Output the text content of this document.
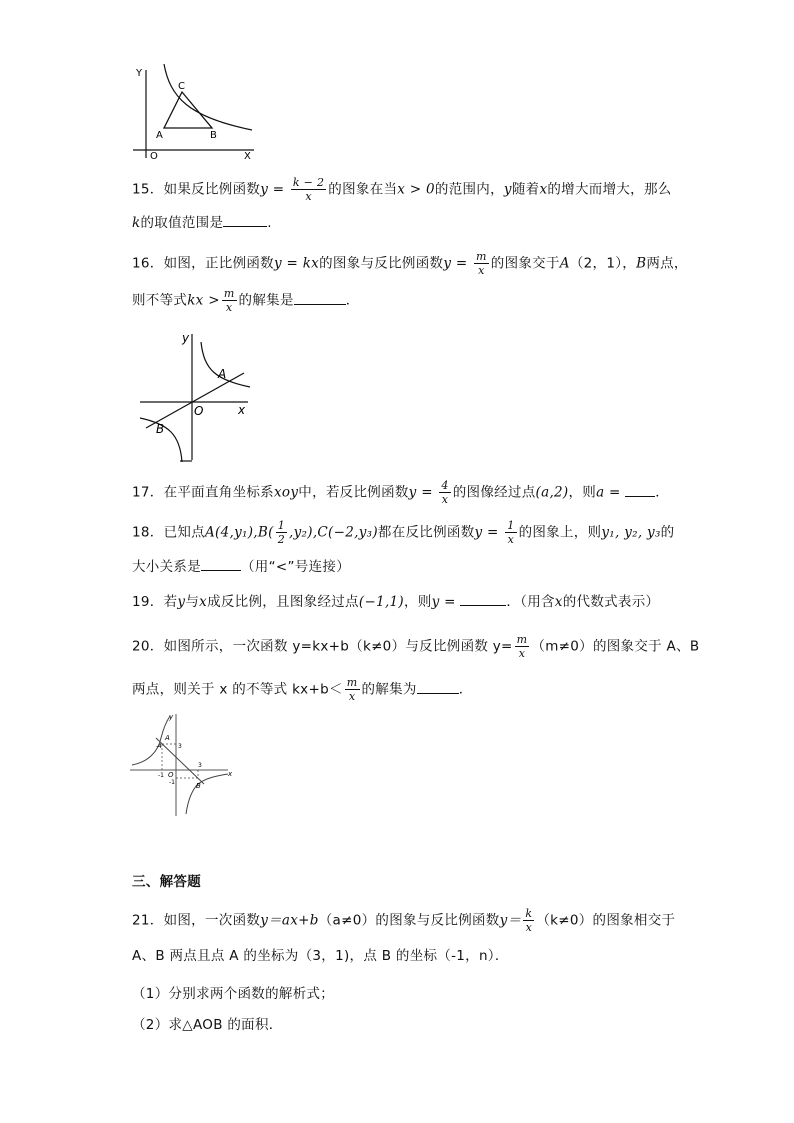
Y
X
O
A	B
C
15．如果反比例函数$y = \frac{k - 2}{x}$ 的图象在当x > 0的范围内，y随着x的增大而增大，那么
k的取值范围是	.
16．如图，正比例函数y = kx的图象与反比例函数$y = \frac{m}{x}$ 的图象交于A（2，1），B两点，
则不等式kx > $\frac{m}{x}$ 的解集是	．
y
x
O
A
B
17．在平面直角坐标系xoy中，若反比例函数$y = \frac{4}{x}$ 的图像经过点(a,2)，则a = ．
18．已知点$A(4,y_1),B( \frac{1}{2} ,y_2),C(-2,y_3)$都在反比例函数$y = \frac{1}{x}$ 的图象上，则y₁, y₂, y₃的
大小关系是	（用“<”号连接）
19．若y与x成反比例，且图象经过点(−1,1)，则y =	．（用含x的代数式表示）
20．如图所示，一次函数 y=kx+b（k≠0）与反比例函数 $y= \frac{m}{x} (m\ne 0)$的图象交于 A、B
两点，则关于 x 的不等式 $kx+b< \frac{m}{x}$ 的解集为	．
y
x
O
A
B
-4	3
3
-1
-1
三、解答题
21．如图，一次函数y＝ax+b（a≠0）的图象与反比例函数$y= \frac{k}{x} (k\ne 0)$的图象相交于
A、B 两点且点 A 的坐标为（3，1)，点 B 的坐标（-1，n）．
（1）分别求两个函数的解析式；
（2）求△AOB 的面积．
